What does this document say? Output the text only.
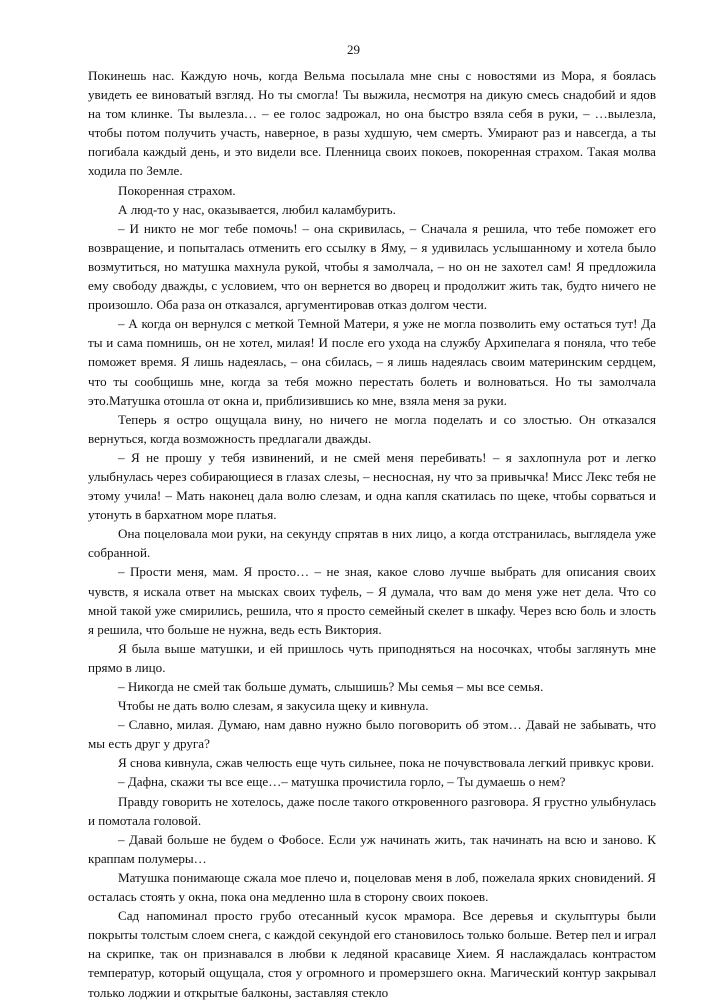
29

Покинешь нас. Каждую ночь, когда Вельма посылала мне сны с новостями из Мора, я боялась увидеть ее виноватый взгляд. Но ты смогла! Ты выжила, несмотря на дикую смесь снадобий и ядов на том клинке. Ты вылезла… – ее голос задрожал, но она быстро взяла себя в руки, – …вылезла, чтобы потом получить участь, наверное, в разы худшую, чем смерть. Умирают раз и навсегда, а ты погибала каждый день, и это видели все. Пленница своих покоев, покоренная страхом. Такая молва ходила по Земле.

Покоренная страхом.

А люд-то у нас, оказывается, любил каламбурить.

– И никто не мог тебе помочь! – она скривилась, – Сначала я решила, что тебе поможет его возвращение, и попыталась отменить его ссылку в Яму, – я удивилась услышанному и хотела было возмутиться, но матушка махнула рукой, чтобы я замолчала, – но он не захотел сам! Я предложила ему свободу дважды, с условием, что он вернется во дворец и продолжит жить так, будто ничего не произошло. Оба раза он отказался, аргументировав отказ долгом чести.

– А когда он вернулся с меткой Темной Матери, я уже не могла позволить ему остаться тут! Да ты и сама помнишь, он не хотел, милая! И после его ухода на службу Архипелага я поняла, что тебе поможет время. Я лишь надеялась, – она сбилась, – я лишь надеялась своим материнским сердцем, что ты сообщишь мне, когда за тебя можно перестать болеть и волноваться. Но ты замолчала это.Матушка отошла от окна и, приблизившись ко мне, взяла меня за руки.

Теперь я остро ощущала вину, но ничего не могла поделать и со злостью. Он отказался вернуться, когда возможность предлагали дважды.

– Я не прошу у тебя извинений, и не смей меня перебивать! – я захлопнула рот и легко улыбнулась через собирающиеся в глазах слезы, – несносная, ну что за привычка! Мисс Лекс тебя не этому учила! – Мать наконец дала волю слезам, и одна капля скатилась по щеке, чтобы сорваться и утонуть в бархатном море платья.

Она поцеловала мои руки, на секунду спрятав в них лицо, а когда отстранилась, выглядела уже собранной.

– Прости меня, мам. Я просто… – не зная, какое слово лучше выбрать для описания своих чувств, я искала ответ на мысках своих туфель, – Я думала, что вам до меня уже нет дела. Что со мной такой уже смирились, решила, что я просто семейный скелет в шкафу. Через всю боль и злость я решила, что больше не нужна, ведь есть Виктория.

Я была выше матушки, и ей пришлось чуть приподняться на носочках, чтобы заглянуть мне прямо в лицо.

– Никогда не смей так больше думать, слышишь? Мы семья – мы все семья.

Чтобы не дать волю слезам, я закусила щеку и кивнула.

– Славно, милая. Думаю, нам давно нужно было поговорить об этом… Давай не забывать, что мы есть друг у друга?

Я снова кивнула, сжав челюсть еще чуть сильнее, пока не почувствовала легкий привкус крови.

– Дафна, скажи ты все еще…– матушка прочистила горло, – Ты думаешь о нем?

Правду говорить не хотелось, даже после такого откровенного разговора. Я грустно улыбнулась и помотала головой.

– Давай больше не будем о Фобосе. Если уж начинать жить, так начинать на всю и заново. К краппам полумеры…

Матушка понимающе сжала мое плечо и, поцеловав меня в лоб, пожелала ярких сновидений. Я осталась стоять у окна, пока она медленно шла в сторону своих покоев.

Сад напоминал просто грубо отесанный кусок мрамора. Все деревья и скульптуры были покрыты толстым слоем снега, с каждой секундой его становилось только больше. Ветер пел и играл на скрипке, так он признавался в любви к ледяной красавице Хием. Я наслаждалась контрастом температур, который ощущала, стоя у огромного и промерзшего окна. Магический контур закрывал только лоджии и открытые балконы, заставляя стекло
